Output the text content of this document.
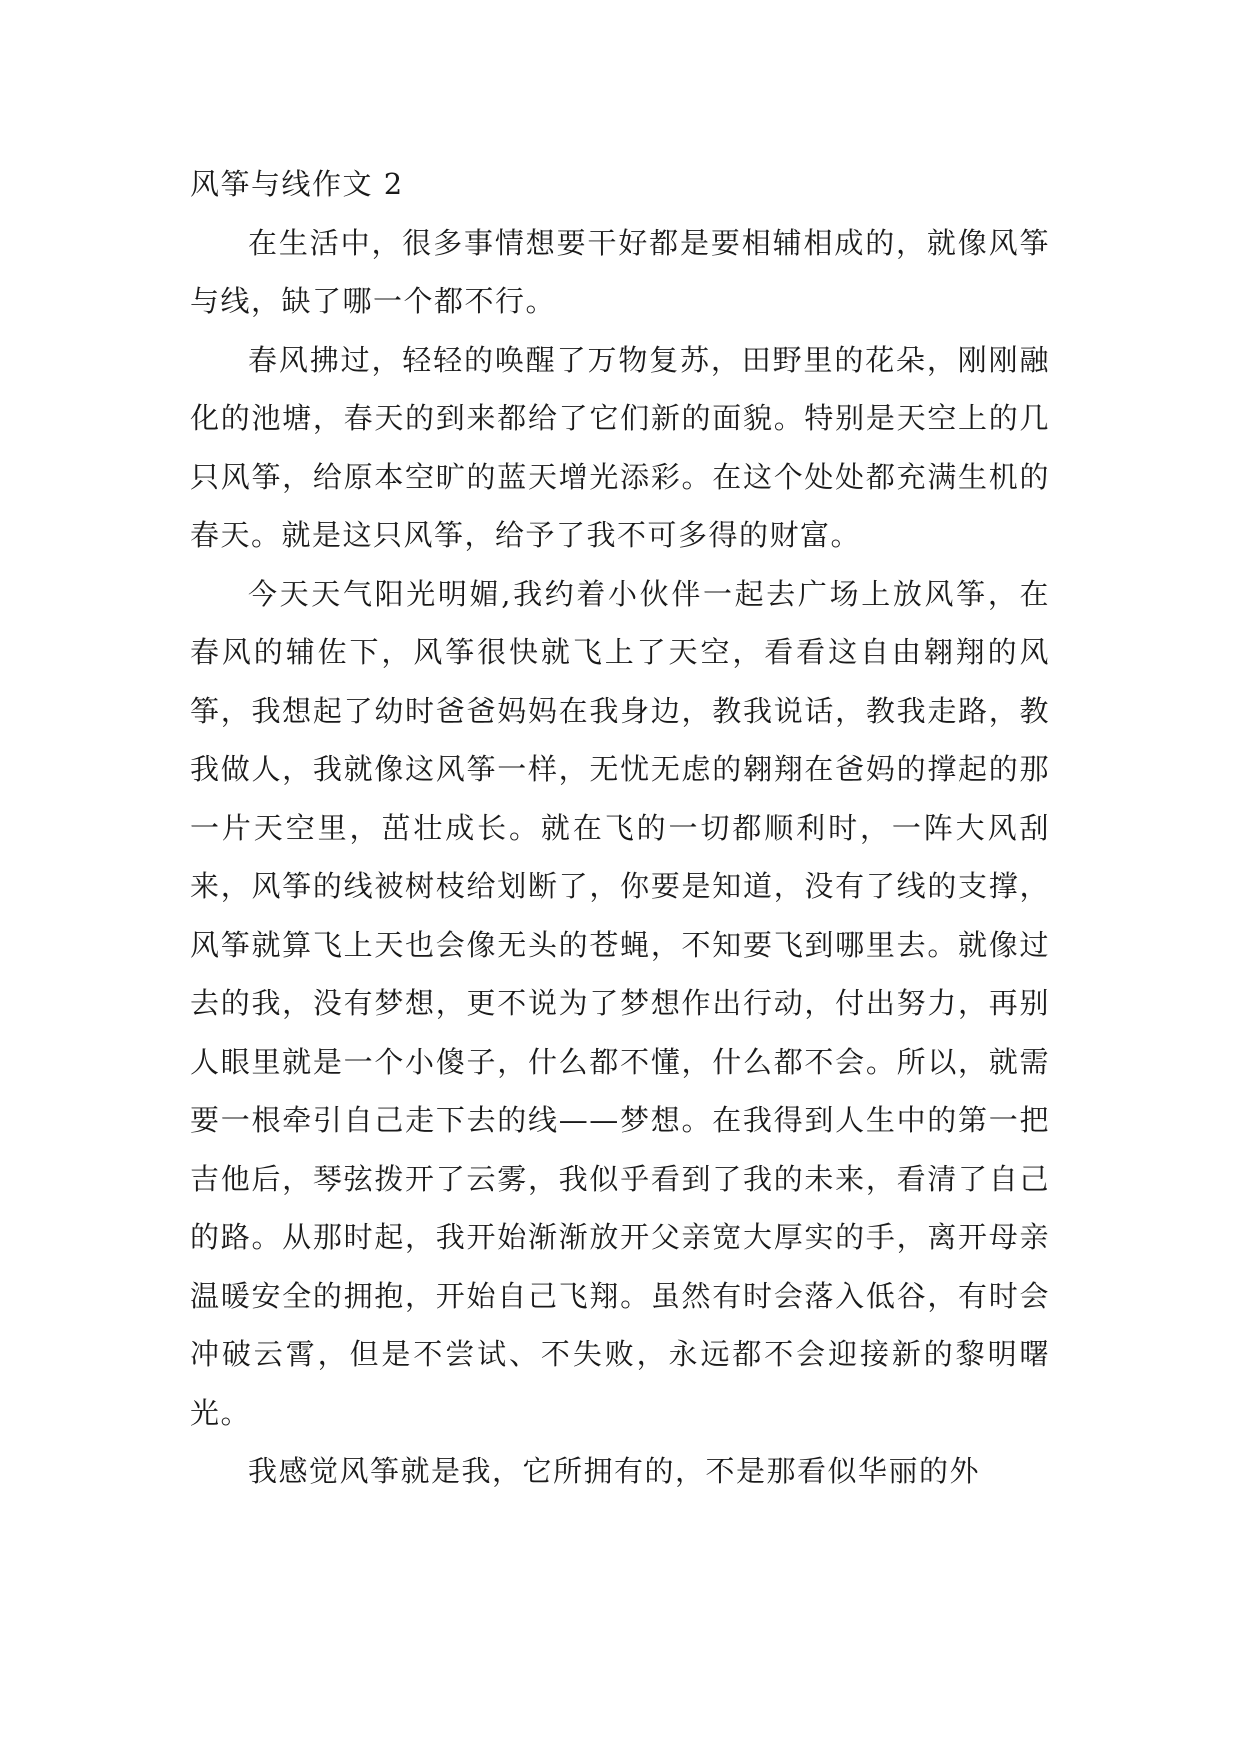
风筝与线作文 2

在生活中，很多事情想要干好都是要相辅相成的，就像风筝与线，缺了哪一个都不行。

春风拂过，轻轻的唤醒了万物复苏，田野里的花朵，刚刚融化的池塘，春天的到来都给了它们新的面貌。特别是天空上的几只风筝，给原本空旷的蓝天增光添彩。在这个处处都充满生机的春天。就是这只风筝，给予了我不可多得的财富。

今天天气阳光明媚,我约着小伙伴一起去广场上放风筝，在春风的辅佐下，风筝很快就飞上了天空，看看这自由翱翔的风筝，我想起了幼时爸爸妈妈在我身边，教我说话，教我走路，教我做人，我就像这风筝一样，无忧无虑的翱翔在爸妈的撑起的那一片天空里，茁壮成长。就在飞的一切都顺利时，一阵大风刮来，风筝的线被树枝给划断了，你要是知道，没有了线的支撑，风筝就算飞上天也会像无头的苍蝇，不知要飞到哪里去。就像过去的我，没有梦想，更不说为了梦想作出行动，付出努力，再别人眼里就是一个小傻子，什么都不懂，什么都不会。所以，就需要一根牵引自己走下去的线——梦想。在我得到人生中的第一把吉他后，琴弦拨开了云雾，我似乎看到了我的未来，看清了自己的路。从那时起，我开始渐渐放开父亲宽大厚实的手，离开母亲温暖安全的拥抱，开始自己飞翔。虽然有时会落入低谷，有时会冲破云霄，但是不尝试、不失败，永远都不会迎接新的黎明曙光。

我感觉风筝就是我，它所拥有的，不是那看似华丽的外
